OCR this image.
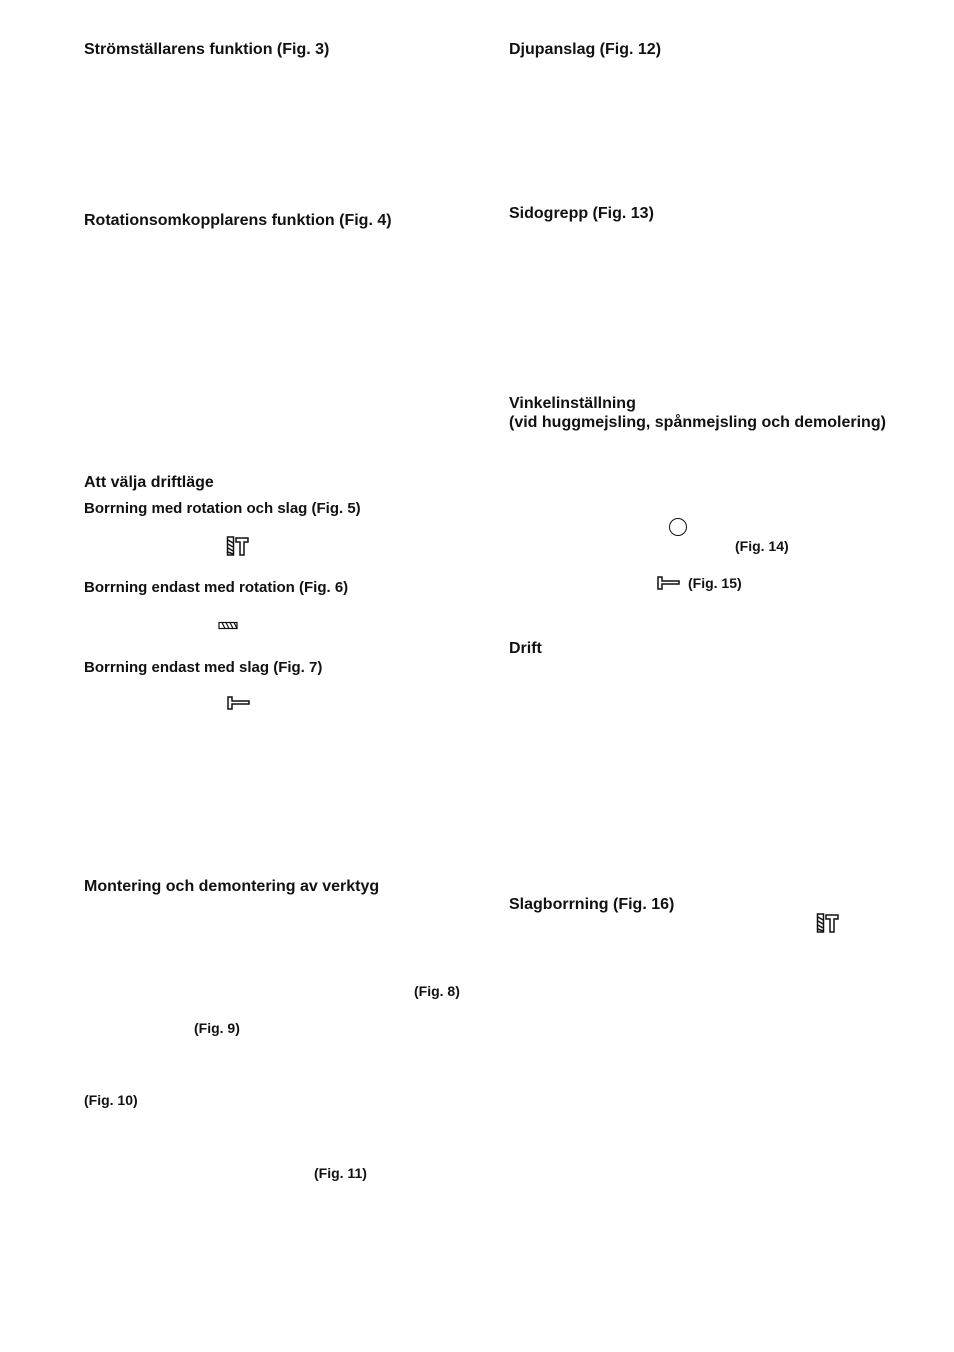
Strömställarens funktion (Fig. 3)
Rotationsomkopplarens funktion (Fig. 4)
Att välja driftläge
Borrning med rotation och slag (Fig. 5)
Borrning endast med rotation (Fig. 6)
Borrning endast med slag (Fig. 7)
Montering och demontering av verktyg
(Fig. 8)
(Fig. 9)
(Fig. 10)
(Fig. 11)
Djupanslag (Fig. 12)
Sidogrepp (Fig. 13)
Vinkelinställning
(vid huggmejsling, spånmejsling och demolering)
(Fig. 14)
(Fig. 15)
Drift
Slagborrning (Fig. 16)
